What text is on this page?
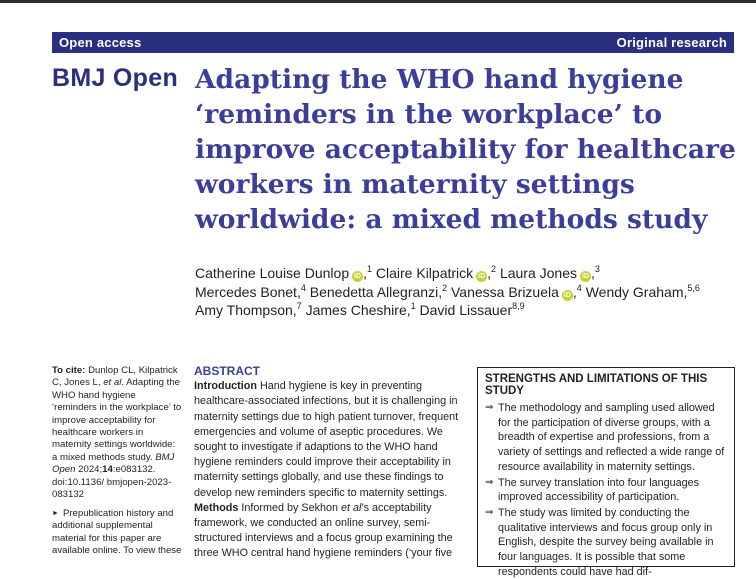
Open access	Original research
BMJ Open Adapting the WHO hand hygiene ‘reminders in the workplace’ to improve acceptability for healthcare workers in maternity settings worldwide: a mixed methods study
Catherine Louise Dunlop iD ,$^1$ Claire Kilpatrick iD ,$^2$ Laura Jones iD ,$^3$
Mercedes Bonet,$^4$ Benedetta Allegranzi,$^2$ Vanessa Brizuela iD ,$^4$ Wendy Graham,$^{5,6}$
Amy Thompson,$^7$ James Cheshire,$^1$ David Lissauer$^{8,9}$
To cite: Dunlop CL, Kilpatrick C, Jones L, et al. Adapting the WHO hand hygiene ‘reminders in the workplace’ to improve acceptability for healthcare workers in maternity settings worldwide: a mixed methods study. BMJ Open 2024;14:e083132. doi:10.1136/ bmjopen-2023-083132
► Prepublication history and additional supplemental material for this paper are available online. To view these
ABSTRACT
Introduction Hand hygiene is key in preventing healthcare-associated infections, but it is challenging in maternity settings due to high patient turnover, frequent emergencies and volume of aseptic procedures. We sought to investigate if adaptions to the WHO hand hygiene reminders could improve their acceptability in maternity settings globally, and use these findings to develop new reminders specific to maternity settings.
Methods Informed by Sekhon et al’s acceptability framework, we conducted an online survey, semi-structured interviews and a focus group examining the three WHO central hand hygiene reminders (‘your five
STRENGTHS AND LIMITATIONS OF THIS STUDY
⇒ The methodology and sampling used allowed for the participation of diverse groups, with a breadth of expertise and professions, from a variety of settings and reflected a wide range of resource availability in maternity settings.
⇒ The survey translation into four languages improved accessibility of participation.
⇒ The study was limited by conducting the qualitative interviews and focus group only in English, despite the survey being available in four languages. It is possible that some respondents could have had dif-
